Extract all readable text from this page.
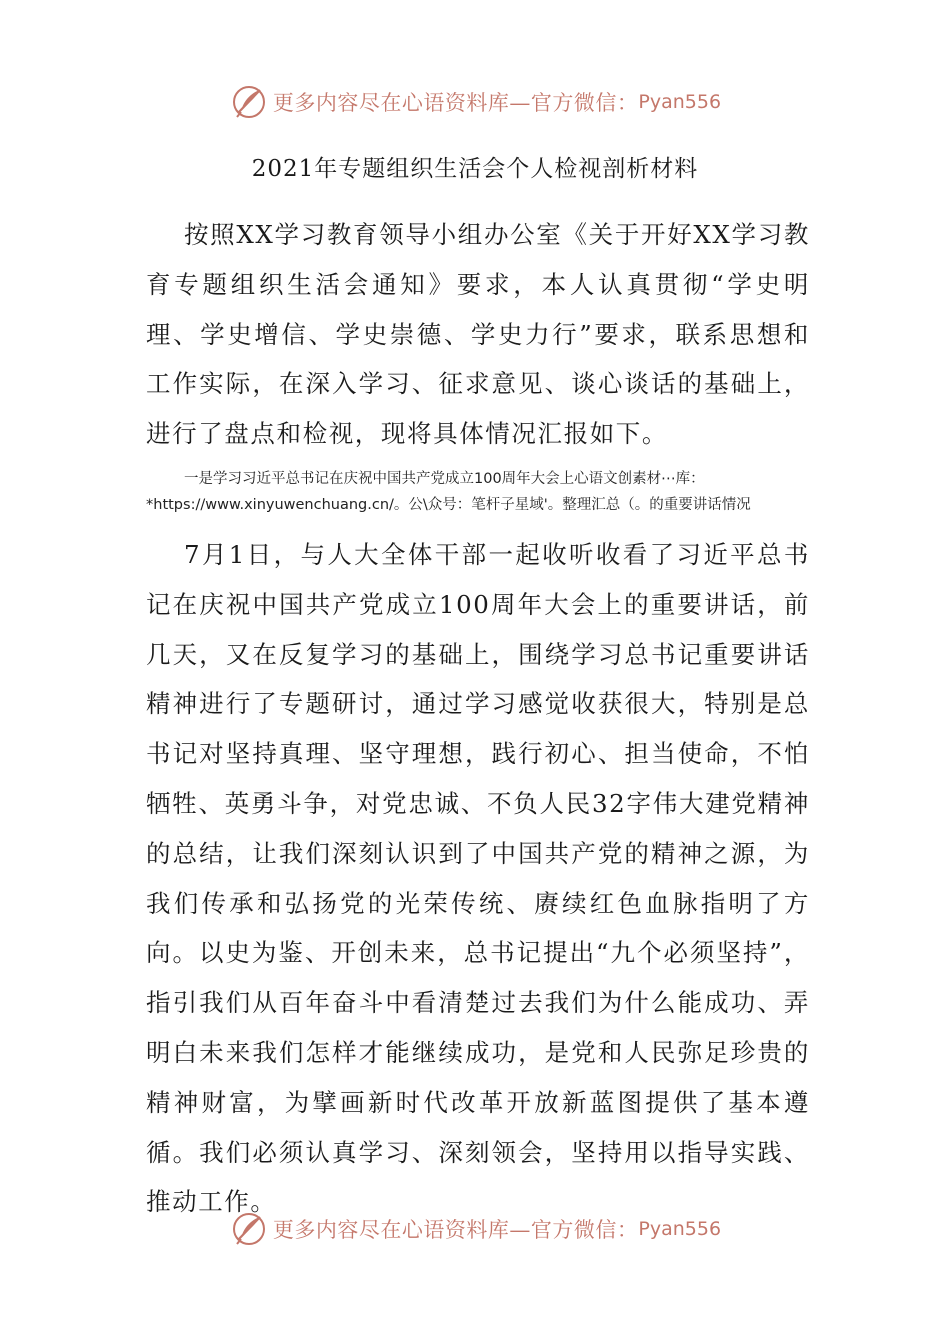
更多内容尽在心语资料库—官方微信： Pyan556
2021年专题组织生活会个人检视剖析材料

按照XX学习教育领导小组办公室《关于开好XX学习教育专题组织生活会通知》要求，本人认真贯彻“学史明理、学史增信、学史崇德、学史力行”要求，联系思想和工作实际，在深入学习、征求意见、谈心谈话的基础上，进行了盘点和检视，现将具体情况汇报如下。

一是学习习近平总书记在庆祝中国共产党成立100周年大会上心语文创素材⋯库：
*https://www.xinyuwenchuang.cn/。公\众号：笔杆子星域'。整理汇总（。的重要讲话情况

7月1日，与人大全体干部一起收听收看了习近平总书记在庆祝中国共产党成立100周年大会上的重要讲话，前几天，又在反复学习的基础上，围绕学习总书记重要讲话精神进行了专题研讨，通过学习感觉收获很大，特别是总书记对坚持真理、坚守理想，践行初心、担当使命，不怕牺牲、英勇斗争，对党忠诚、不负人民32字伟大建党精神的总结，让我们深刻认识到了中国共产党的精神之源，为我们传承和弘扬党的光荣传统、赓续红色血脉指明了方向。以史为鉴、开创未来，总书记提出“九个必须坚持”，指引我们从百年奋斗中看清楚过去我们为什么能成功、弄明白未来我们怎样才能继续成功，是党和人民弥足珍贵的精神财富，为擘画新时代改革开放新蓝图提供了基本遵循。我们必须认真学习、深刻领会，坚持用以指导实践、推动工作。

更多内容尽在心语资料库—官方微信： Pyan556
